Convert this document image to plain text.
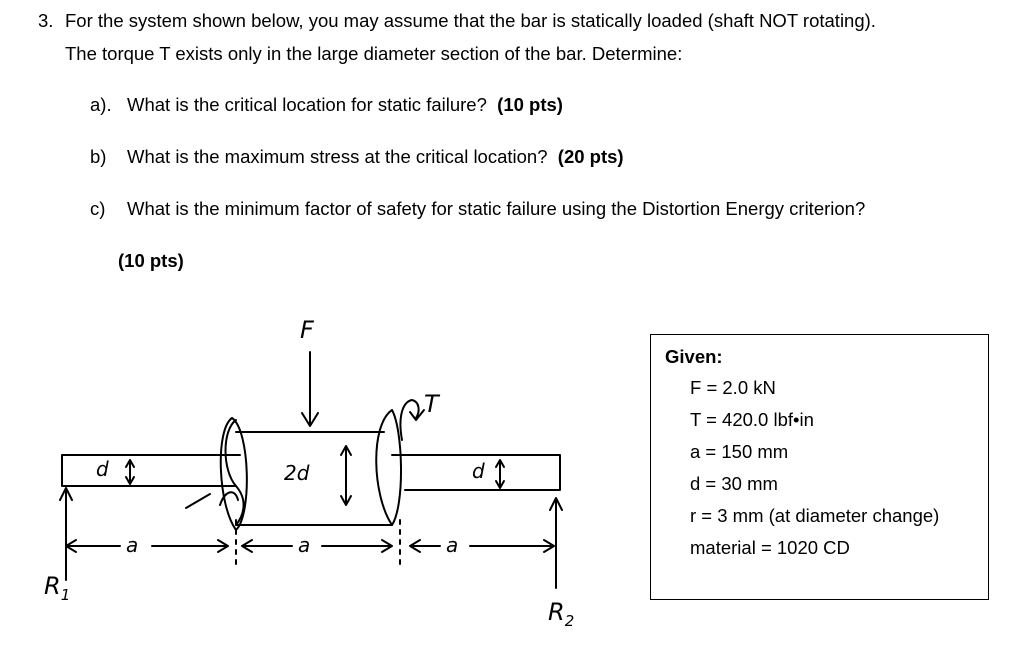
3. For the system shown below, you may assume that the bar is statically loaded (shaft NOT rotating).
The torque T exists only in the large diameter section of the bar. Determine:
a). What is the critical location for static failure? (10 pts)
b) What is the maximum stress at the critical location? (20 pts)
c) What is the minimum factor of safety for static failure using the Distortion Energy criterion?
(10 pts)
F
T
2d
d	d
a	a	a
$R_1$
$R_2$
Given:
F = 2.0 kN
T = 420.0 lbf•in
a = 150 mm
d = 30 mm
r = 3 mm (at diameter change)
material = 1020 CD
